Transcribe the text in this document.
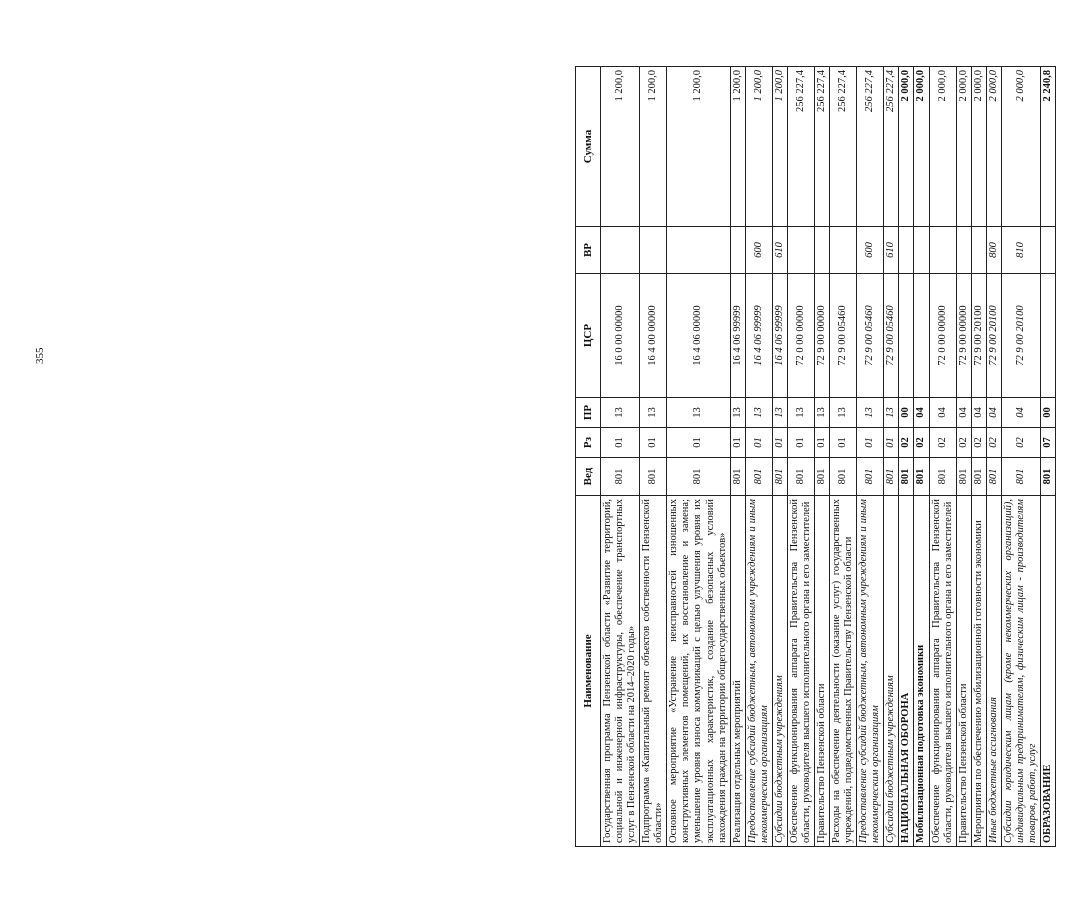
355
Наименование	Вед	Рз	ПР	ЦСР	ВР	Сумма
Государственная программа Пензенской области «Развитие территорий, социальной и инженерной инфраструктуры, обеспечение транспортных услуг в Пензенской области на 2014–2020 годы»	801	01	13	16 0 00 00000		1 200,0
Подпрограмма «Капитальный ремонт объектов собственности Пензенской области»	801	01	13	16 4 00 00000		1 200,0
Основное мероприятие «Устранение неисправностей изношенных конструктивных элементов помещений, их восстановление и замена; уменьшение уровня износа коммуникаций с целью улучшения уровня их эксплуатационных характеристик, создание безопасных условий нахождения граждан на территории общегосударственных объектов»	801	01	13	16 4 06 00000		1 200,0
Реализация отдельных мероприятий	801	01	13	16 4 06 99999		1 200,0
Предоставление субсидий бюджетным, автономным учреждениям и иным некоммерческим организациям	801	01	13	16 4 06 99999	600	1 200,0
Субсидии бюджетным учреждениям	801	01	13	16 4 06 99999	610	1 200,0
Обеспечение функционирования аппарата Правительства Пензенской области, руководителя высшего исполнительного органа и его заместителей	801	01	13	72 0 00 00000		256 227,4
Правительство Пензенской области	801	01	13	72 9 00 00000		256 227,4
Расходы на обеспечение деятельности (оказание услуг) государственных учреждений, подведомственных Правительству Пензенской области	801	01	13	72 9 00 05460		256 227,4
Предоставление субсидий бюджетным, автономным учреждениям и иным некоммерческим организациям	801	01	13	72 9 00 05460	600	256 227,4
Субсидии бюджетным учреждениям	801	01	13	72 9 00 05460	610	256 227,4
НАЦИОНАЛЬНАЯ ОБОРОНА	801	02	00			2 000,0
Мобилизационная подготовка экономики	801	02	04			2 000,0
Обеспечение функционирования аппарата Правительства Пензенской области, руководителя высшего исполнительного органа и его заместителей	801	02	04	72 0 00 00000		2 000,0
Правительство Пензенской области	801	02	04	72 9 00 00000		2 000,0
Мероприятия по обеспечению мобилизационной готовности экономики	801	02	04	72 9 00 20100		2 000,0
Иные бюджетные ассигнования	801	02	04	72 9 00 20100	800	2 000,0
Субсидии юридическим лицам (кроме некоммерческих организаций), индивидуальным предпринимателям, физическим лицам - производителям товаров, работ, услуг	801	02	04	72 9 00 20100	810	2 000,0
ОБРАЗОВАНИЕ	801	07	00			2 240,8
